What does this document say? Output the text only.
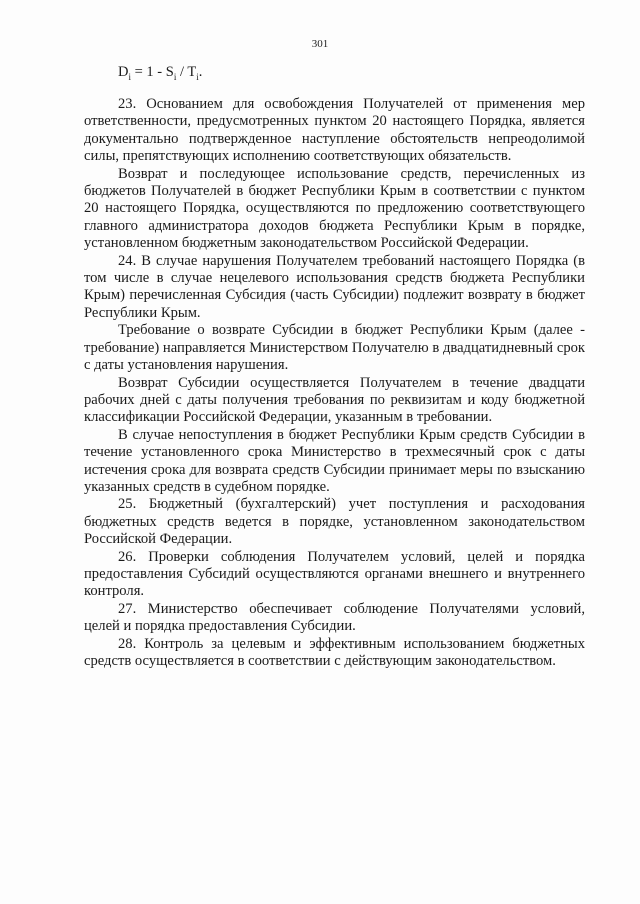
301
$D_i = 1 - S_i / T_i$.

23. Основанием для освобождения Получателей от применения мер ответственности, предусмотренных пунктом 20 настоящего Порядка, является документально подтвержденное наступление обстоятельств непреодолимой силы, препятствующих исполнению соответствующих обязательств.

Возврат и последующее использование средств, перечисленных из бюджетов Получателей в бюджет Республики Крым в соответствии с пунктом 20 настоящего Порядка, осуществляются по предложению соответствующего главного администратора доходов бюджета Республики Крым в порядке, установленном бюджетным законодательством Российской Федерации.

24. В случае нарушения Получателем требований настоящего Порядка (в том числе в случае нецелевого использования средств бюджета Республики Крым) перечисленная Субсидия (часть Субсидии) подлежит возврату в бюджет Республики Крым.

Требование о возврате Субсидии в бюджет Республики Крым (далее - требование) направляется Министерством Получателю в двадцатидневный срок с даты установления нарушения.

Возврат Субсидии осуществляется Получателем в течение двадцати рабочих дней с даты получения требования по реквизитам и коду бюджетной классификации Российской Федерации, указанным в требовании.

В случае непоступления в бюджет Республики Крым средств Субсидии в течение установленного срока Министерство в трехмесячный срок с даты истечения срока для возврата средств Субсидии принимает меры по взысканию указанных средств в судебном порядке.

25. Бюджетный (бухгалтерский) учет поступления и расходования бюджетных средств ведется в порядке, установленном законодательством Российской Федерации.

26. Проверки соблюдения Получателем условий, целей и порядка предоставления Субсидий осуществляются органами внешнего и внутреннего контроля.

27. Министерство обеспечивает соблюдение Получателями условий, целей и порядка предоставления Субсидии.

28. Контроль за целевым и эффективным использованием бюджетных средств осуществляется в соответствии с действующим законодательством.
